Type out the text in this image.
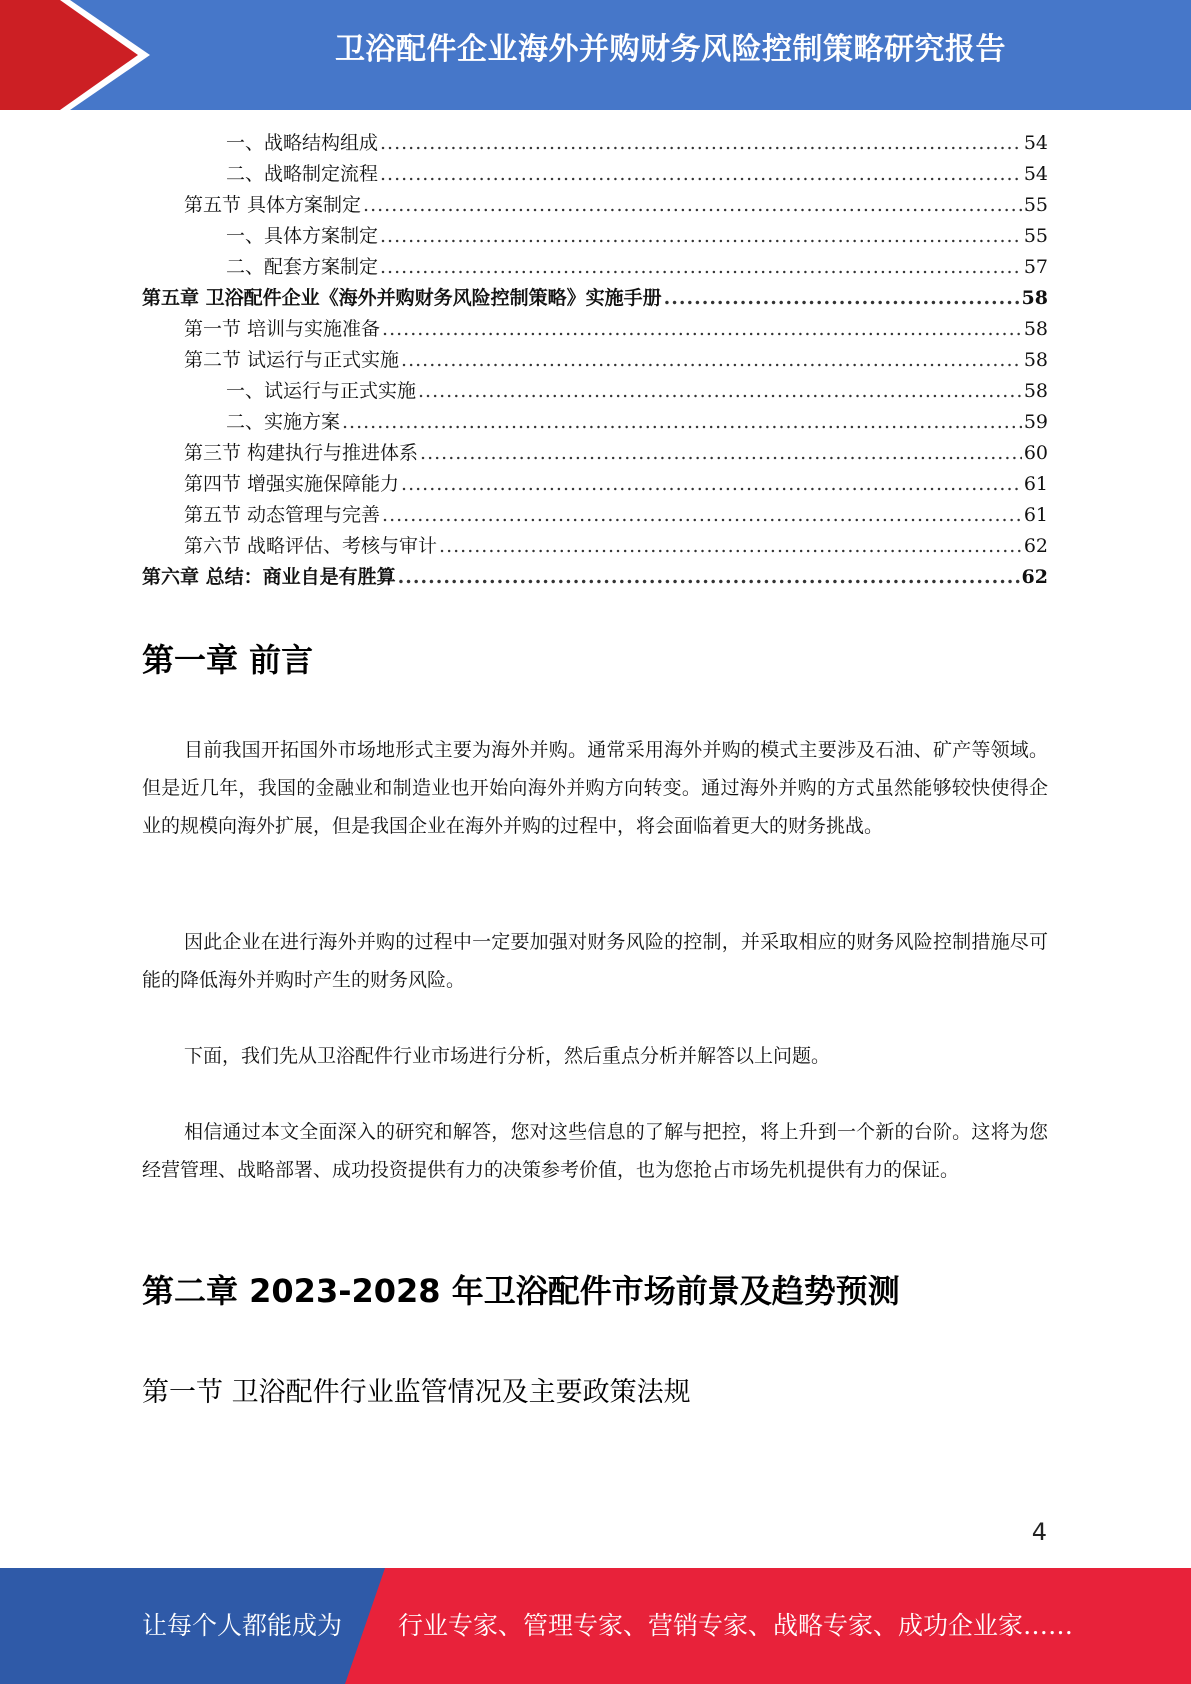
卫浴配件企业海外并购财务风险控制策略研究报告
一、战略结构组成 .....	54
二、战略制定流程 .....	54
第五节 具体方案制定 .....	55
一、具体方案制定 .....	55
二、配套方案制定 .....	57
第五章 卫浴配件企业《海外并购财务风险控制策略》实施手册 .....	58
第一节 培训与实施准备 .....	58
第二节 试运行与正式实施 .....	58
一、试运行与正式实施 .....	58
二、实施方案 .....	59
第三节 构建执行与推进体系 .....	60
第四节 增强实施保障能力 .....	61
第五节 动态管理与完善 .....	61
第六节 战略评估、考核与审计 .....	62
第六章 总结：商业自是有胜算 .....	62
第一章 前言

目前我国开拓国外市场地形式主要为海外并购。通常采用海外并购的模式主要涉及石油、矿产等领域。但是近几年，我国的金融业和制造业也开始向海外并购方向转变。通过海外并购的方式虽然能够较快使得企业的规模向海外扩展，但是我国企业在海外并购的过程中，将会面临着更大的财务挑战。

因此企业在进行海外并购的过程中一定要加强对财务风险的控制，并采取相应的财务风险控制措施尽可能的降低海外并购时产生的财务风险。

下面，我们先从卫浴配件行业市场进行分析，然后重点分析并解答以上问题。

相信通过本文全面深入的研究和解答，您对这些信息的了解与把控，将上升到一个新的台阶。这将为您经营管理、战略部署、成功投资提供有力的决策参考价值，也为您抢占市场先机提供有力的保证。

第二章 2023-2028 年卫浴配件市场前景及趋势预测
第一节 卫浴配件行业监管情况及主要政策法规
4
让每个人都能成为 行业专家、管理专家、营销专家、战略专家、成功企业家……
